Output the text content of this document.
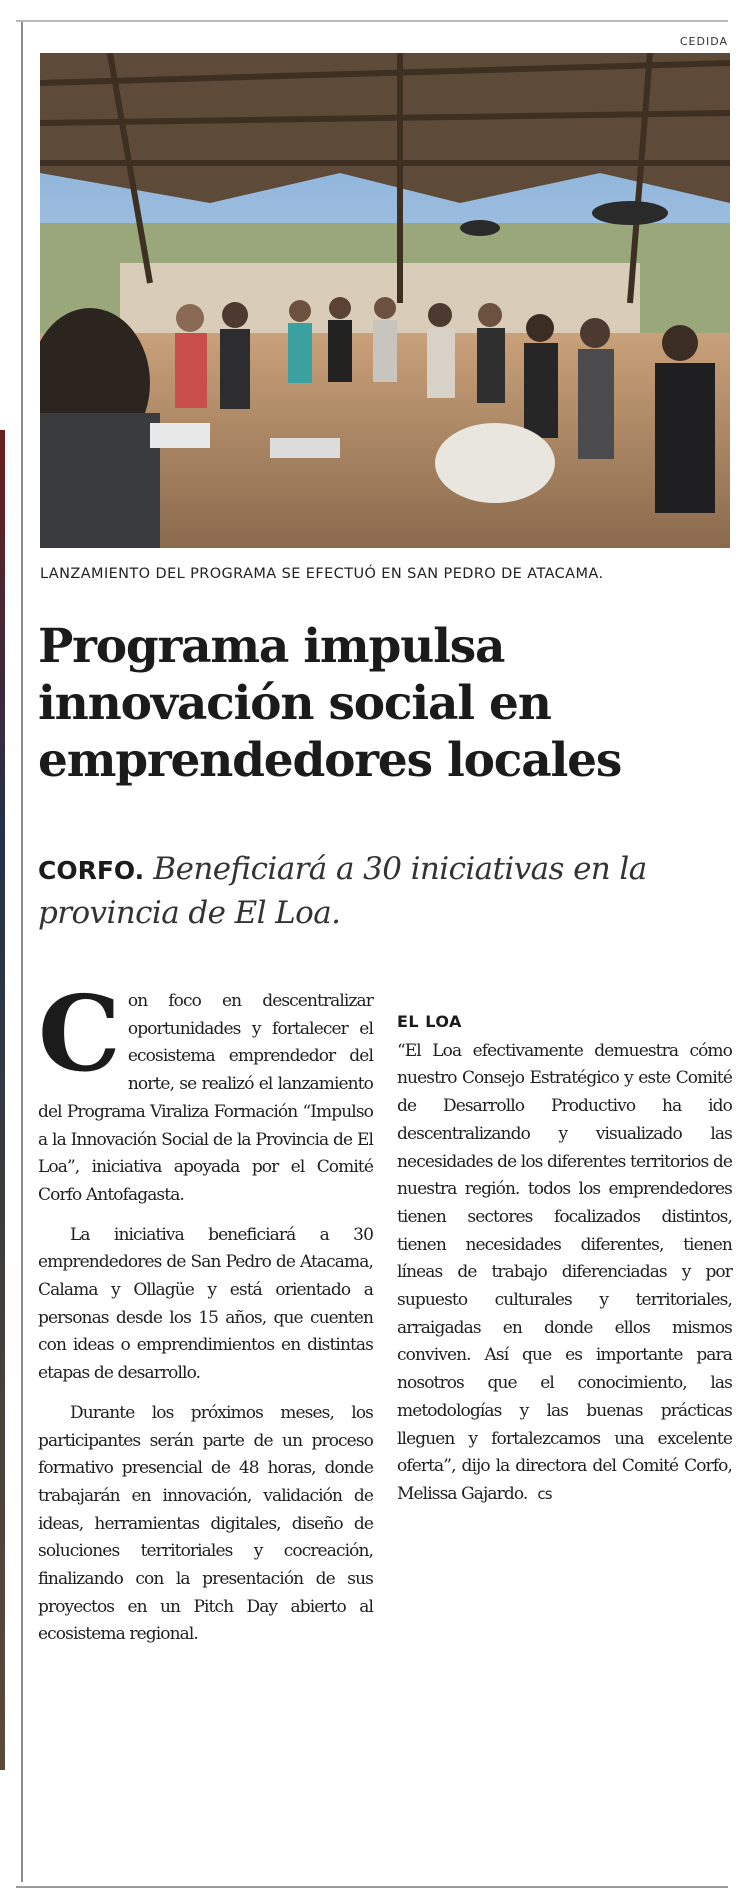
CEDIDA
LANZAMIENTO DEL PROGRAMA SE EFECTUÓ EN SAN PEDRO DE ATACAMA.
Programa impulsa innovación social en emprendedores locales
CORFO. Beneficiará a 30 iniciativas en la provincia de El Loa.

Con foco en descentralizar oportunidades y fortalecer el ecosistema emprendedor del norte, se realizó el lanzamiento del Programa Viraliza Formación “Impulso a la Innovación Social de la Provincia de El Loa”, iniciativa apoyada por el Comité Corfo Antofagasta.

La iniciativa beneficiará a 30 emprendedores de San Pedro de Atacama, Calama y Ollagüe y está orientado a personas desde los 15 años, que cuenten con ideas o emprendimientos en distintas etapas de desarrollo.

Durante los próximos meses, los participantes serán parte de un proceso formativo presencial de 48 horas, donde trabajarán en innovación, validación de ideas, herramientas digitales, diseño de soluciones territoriales y cocreación, finalizando con la presentación de sus proyectos en un Pitch Day abierto al ecosistema regional.

EL LOA

“El Loa efectivamente demuestra cómo nuestro Consejo Estratégico y este Comité de Desarrollo Productivo ha ido descentralizando y visualizado las necesidades de los diferentes territorios de nuestra región. todos los emprendedores tienen sectores focalizados distintos, tienen necesidades diferentes, tienen líneas de trabajo diferenciadas y por supuesto culturales y territoriales, arraigadas en donde ellos mismos conviven. Así que es importante para nosotros que el conocimiento, las metodologías y las buenas prácticas lleguen y fortalezcamos una excelente oferta”, dijo la directora del Comité Corfo, Melissa Gajardo. cs
